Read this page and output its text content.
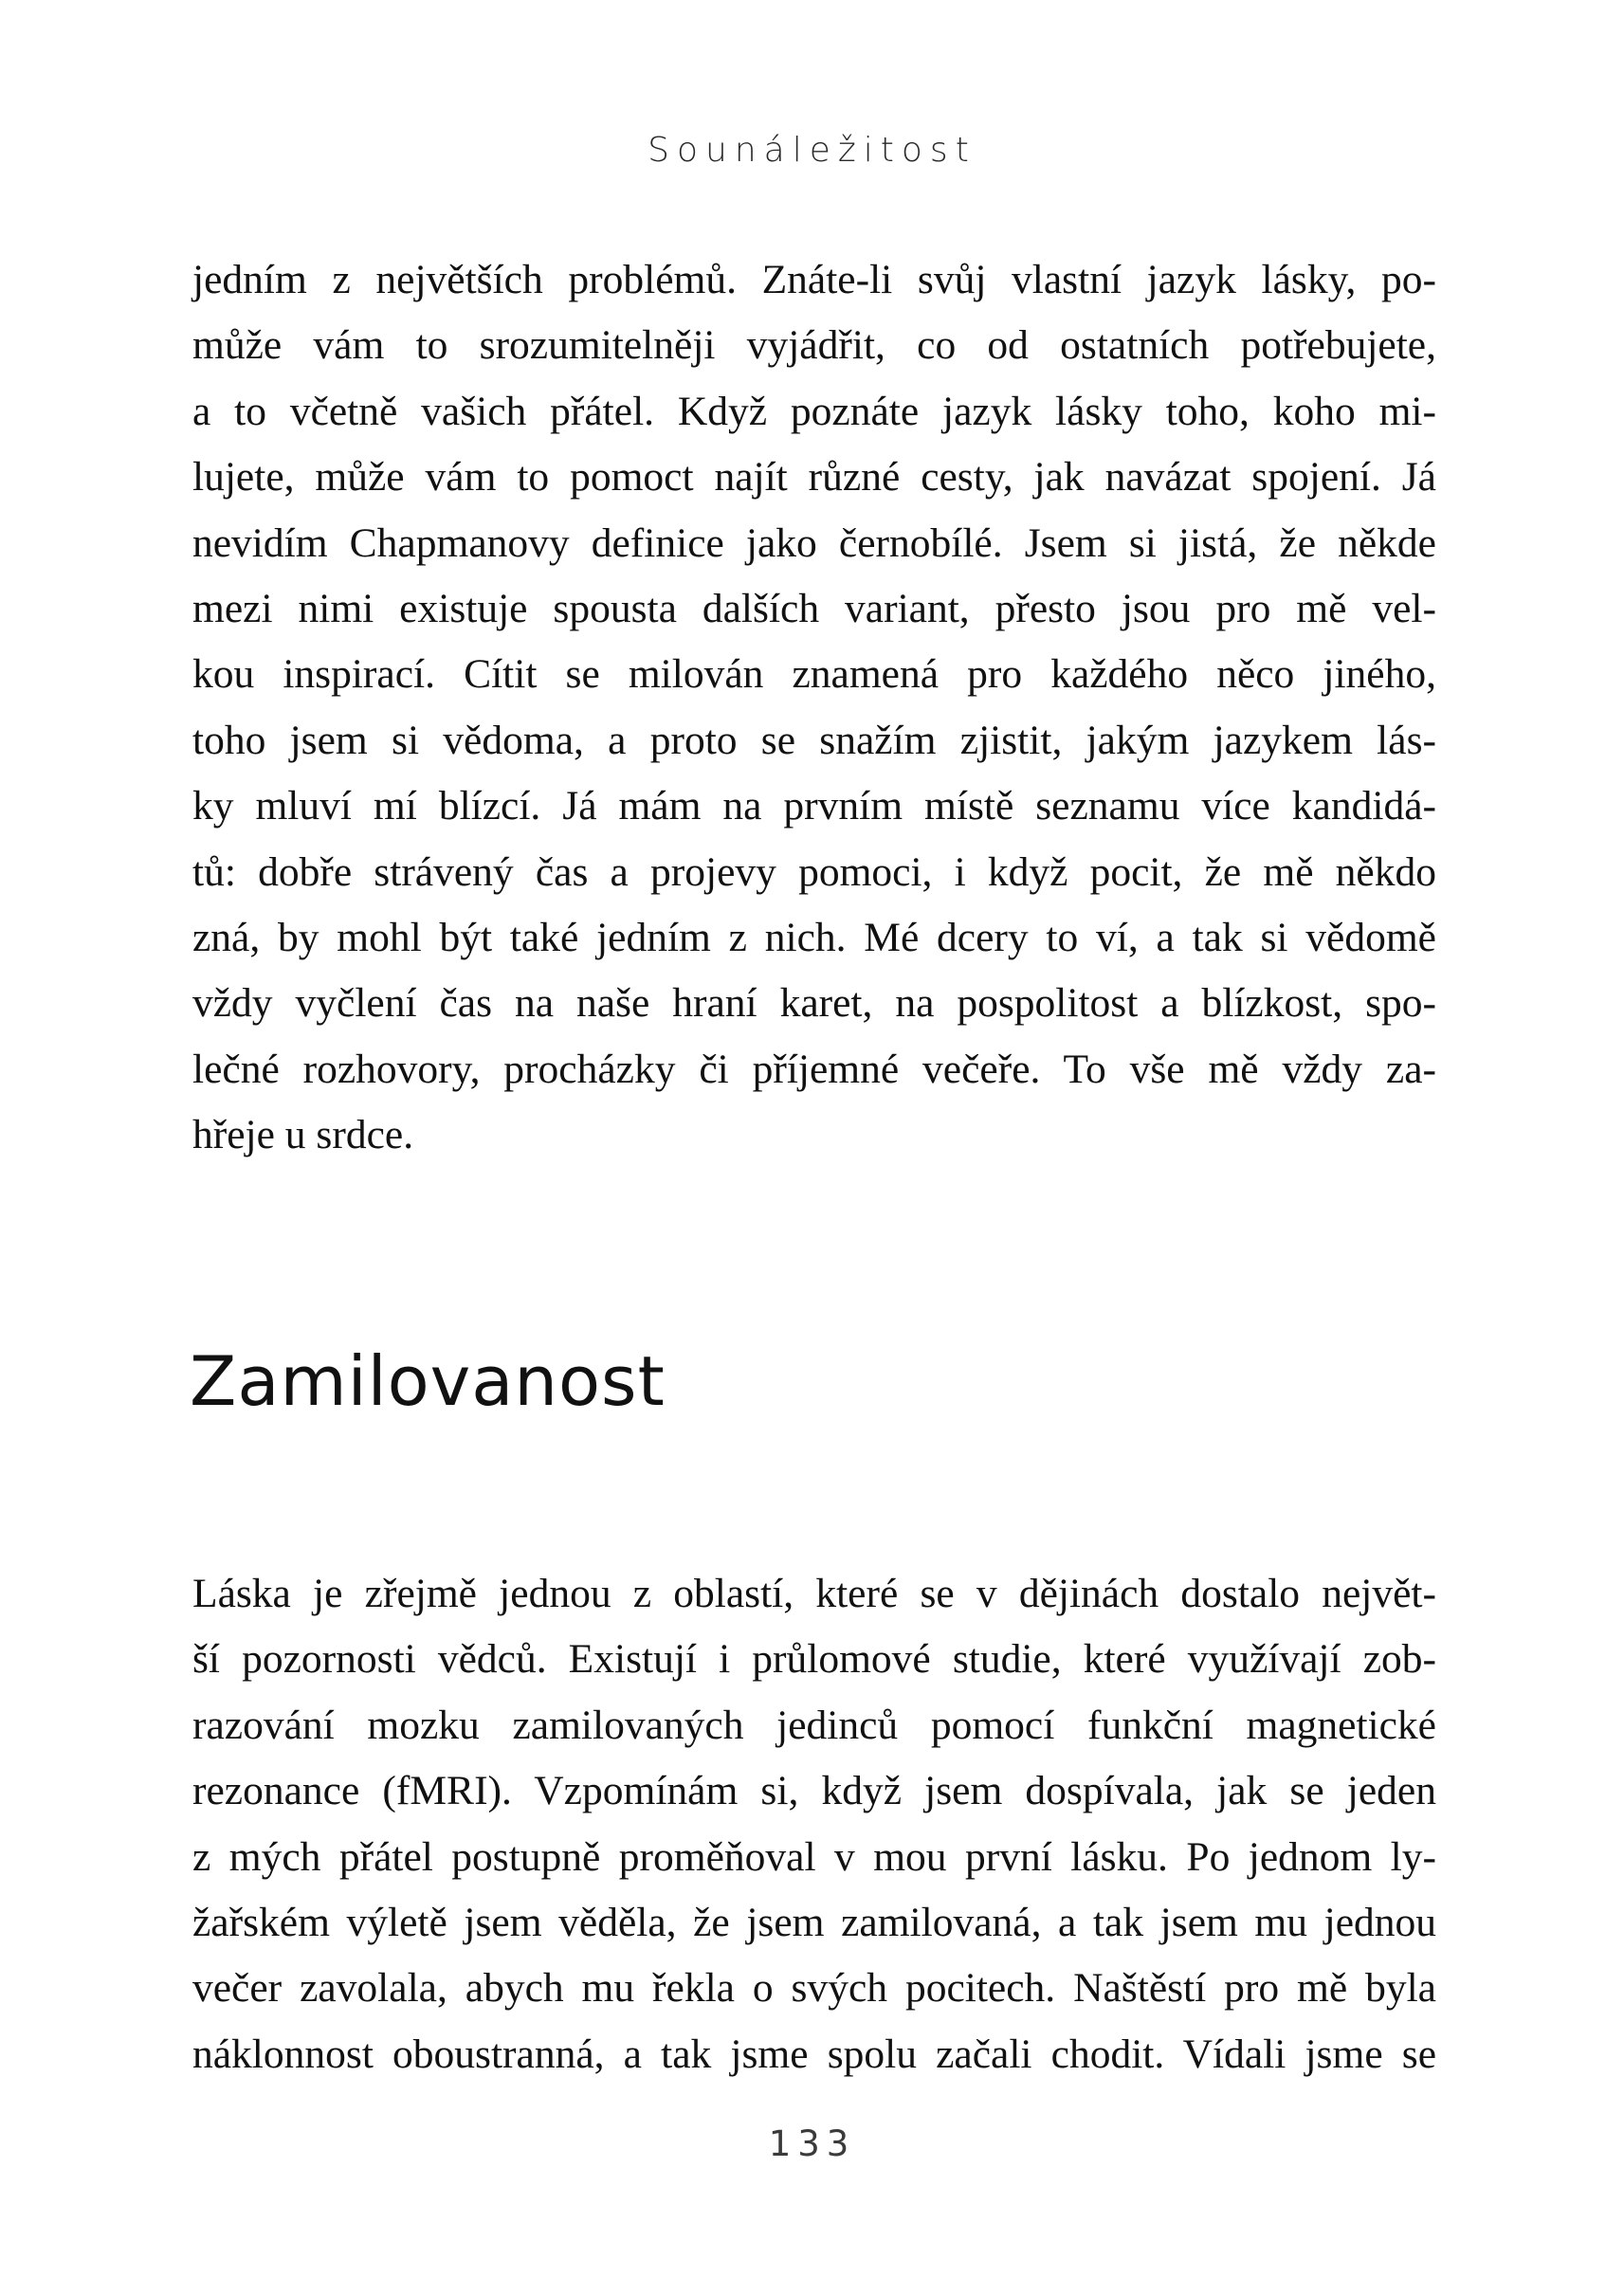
Sounáležitost

jedním z největších problémů. Znáte-li svůj vlastní jazyk lásky, po-
může vám to srozumitelněji vyjádřit, co od ostatních potřebujete,
a to včetně vašich přátel. Když poznáte jazyk lásky toho, koho mi-
lujete, může vám to pomoct najít různé cesty, jak navázat spojení. Já
nevidím Chapmanovy definice jako černobílé. Jsem si jistá, že někde
mezi nimi existuje spousta dalších variant, přesto jsou pro mě vel-
kou inspirací. Cítit se milován znamená pro každého něco jiného,
toho jsem si vědoma, a proto se snažím zjistit, jakým jazykem lás-
ky mluví mí blízcí. Já mám na prvním místě seznamu více kandidá-
tů: dobře strávený čas a projevy pomoci, i když pocit, že mě někdo
zná, by mohl být také jedním z nich. Mé dcery to ví, a tak si vědomě
vždy vyčlení čas na naše hraní karet, na pospolitost a blízkost, spo-
lečné rozhovory, procházky či příjemné večeře. To vše mě vždy za-
hřeje u srdce.

Zamilovanost

Láska je zřejmě jednou z oblastí, které se v dějinách dostalo největ-
ší pozornosti vědců. Existují i průlomové studie, které využívají zob-
razování mozku zamilovaných jedinců pomocí funkční magnetické
rezonance (fMRI). Vzpomínám si, když jsem dospívala, jak se jeden
z mých přátel postupně proměňoval v mou první lásku. Po jednom ly-
žařském výletě jsem věděla, že jsem zamilovaná, a tak jsem mu jednou
večer zavolala, abych mu řekla o svých pocitech. Naštěstí pro mě byla
náklonnost oboustranná, a tak jsme spolu začali chodit. Vídali jsme se

133
